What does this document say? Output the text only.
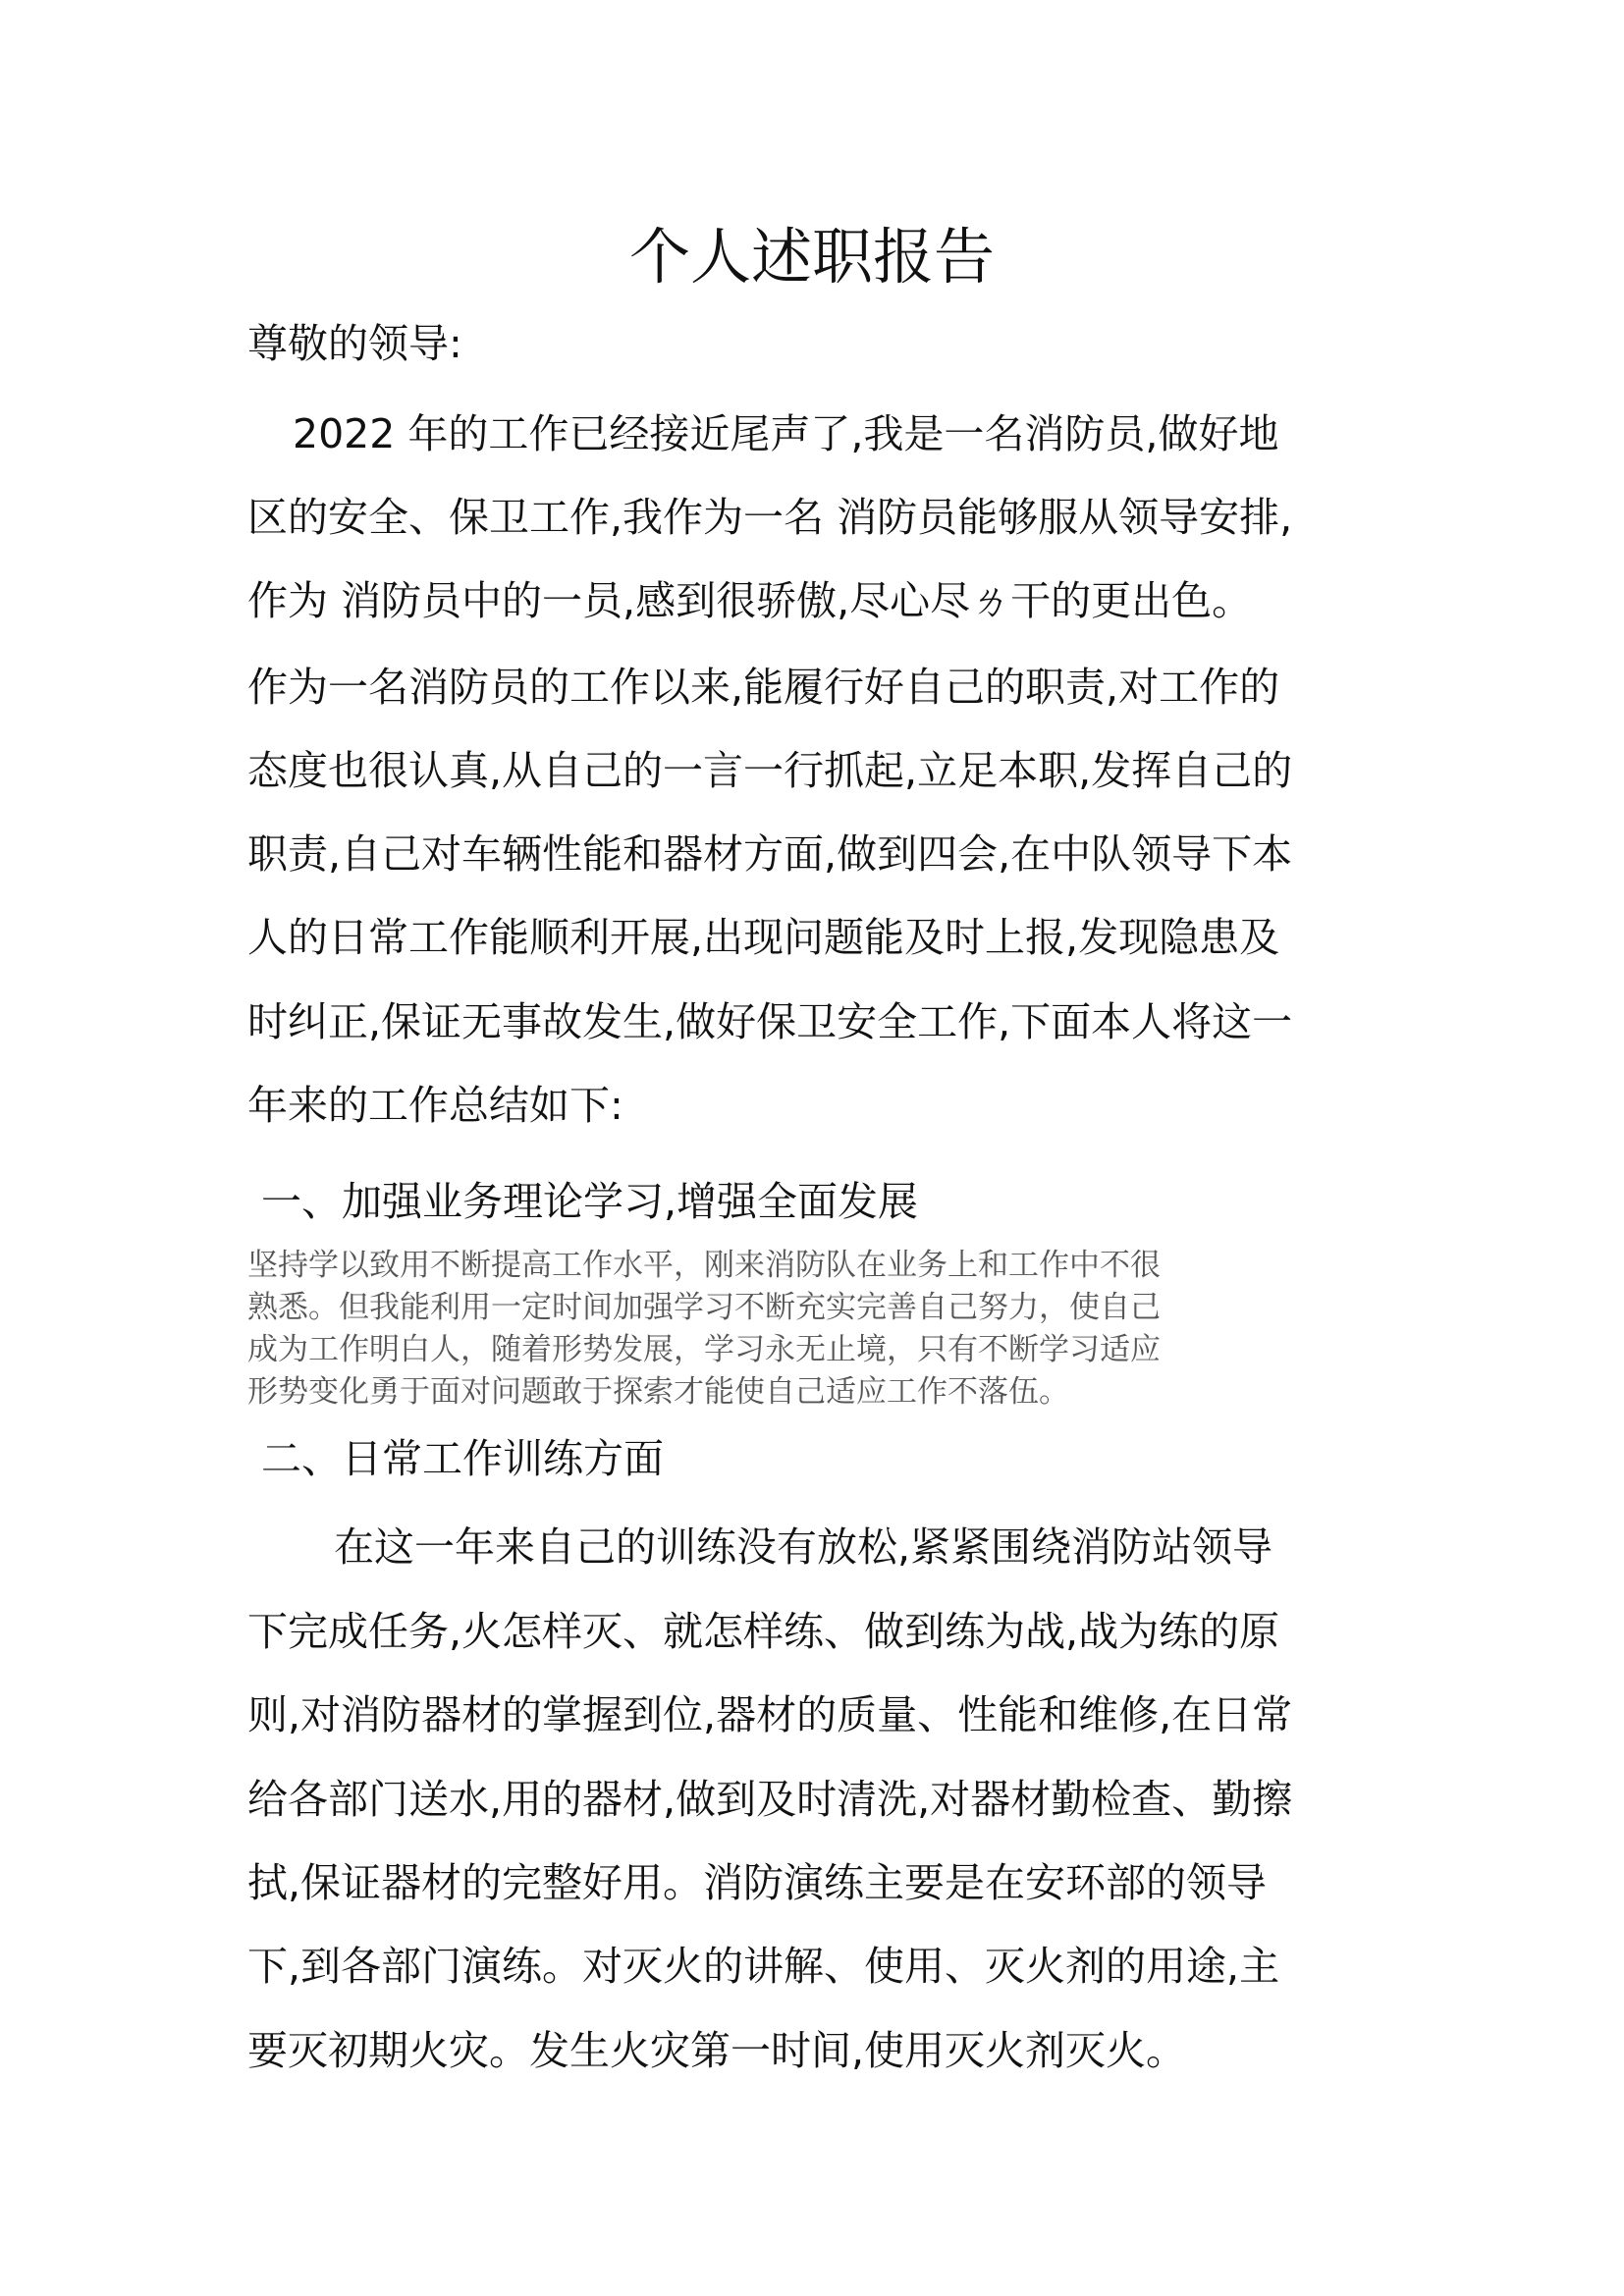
个人述职报告

尊敬的领导:

2022 年的工作已经接近尾声了,我是一名消防员,做好地

区的安全、保卫工作,我作为一名 消防员能够服从领导安排,

作为 消防员中的一员,感到很骄傲,尽心尽ㄌ干的更出色。

作为一名消防员的工作以来,能履行好自己的职责,对工作的

态度也很认真,从自己的一言一行抓起,立足本职,发挥自己的

职责,自己对车辆性能和器材方面,做到四会,在中队领导下本

人的日常工作能顺利开展,出现问题能及时上报,发现隐患及

时纠正,保证无事故发生,做好保卫安全工作,下面本人将这一

年来的工作总结如下:

一、加强业务理论学习,增强全面发展

坚持学以致用不断提高工作水平，刚来消防队在业务上和工作中不很

熟悉。但我能利用一定时间加强学习不断充实完善自己努力，使自己

成为工作明白人，随着形势发展，学习永无止境，只有不断学习适应

形势变化勇于面对问题敢于探索才能使自己适应工作不落伍。

二、日常工作训练方面

在这一年来自己的训练没有放松,紧紧围绕消防站领导

下完成任务,火怎样灭、就怎样练、做到练为战,战为练的原

则,对消防器材的掌握到位,器材的质量、性能和维修,在日常

给各部门送水,用的器材,做到及时清洗,对器材勤检查、勤擦

拭,保证器材的完整好用。消防演练主要是在安环部的领导

下,到各部门演练。对灭火的讲解、使用、灭火剂的用途,主

要灭初期火灾。发生火灾第一时间,使用灭火剂灭火。
